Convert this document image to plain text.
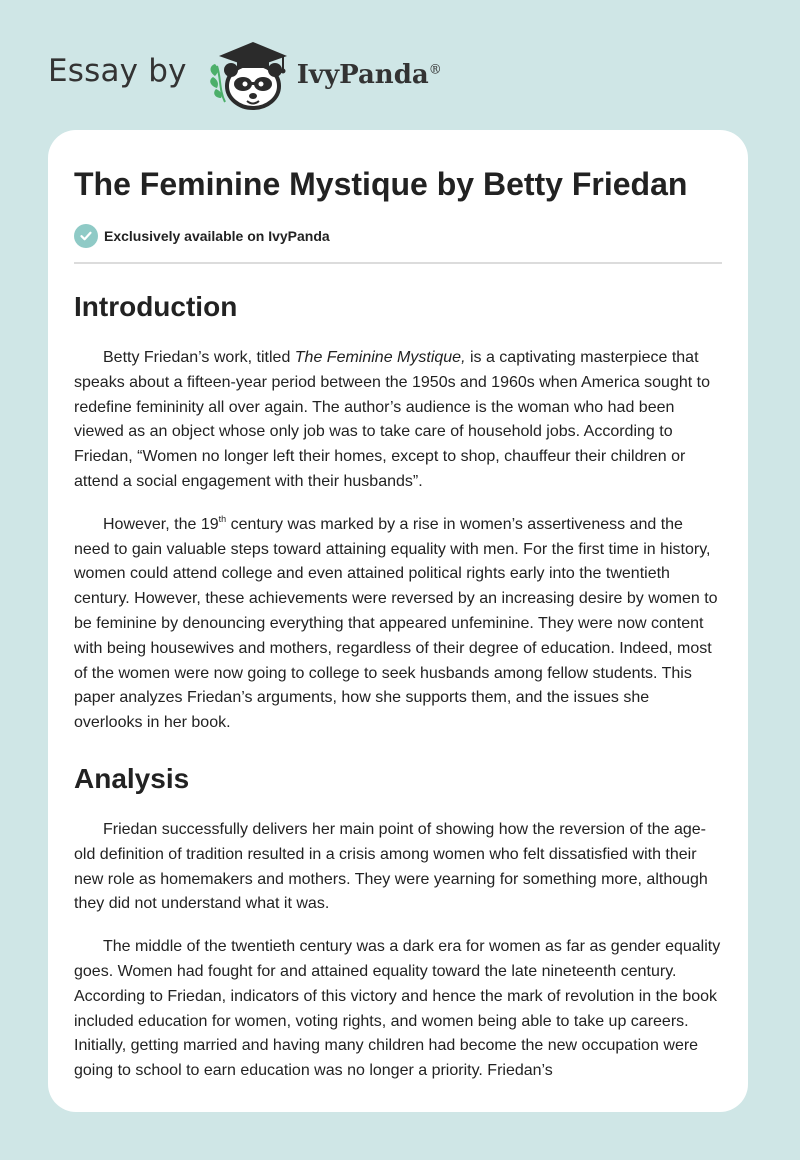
Essay by	IvyPanda®
The Feminine Mystique by Betty Friedan
Exclusively available on IvyPanda
Introduction

Betty Friedan’s work, titled The Feminine Mystique, is a captivating masterpiece that speaks about a fifteen-year period between the 1950s and 1960s when America sought to redefine femininity all over again. The author’s audience is the woman who had been viewed as an object whose only job was to take care of household jobs. According to Friedan, “Women no longer left their homes, except to shop, chauffeur their children or attend a social engagement with their husbands”.

However, the 19th century was marked by a rise in women’s assertiveness and the need to gain valuable steps toward attaining equality with men. For the first time in history, women could attend college and even attained political rights early into the twentieth century. However, these achievements were reversed by an increasing desire by women to be feminine by denouncing everything that appeared unfeminine. They were now content with being housewives and mothers, regardless of their degree of education. Indeed, most of the women were now going to college to seek husbands among fellow students. This paper analyzes Friedan’s arguments, how she supports them, and the issues she overlooks in her book.

Analysis

Friedan successfully delivers her main point of showing how the reversion of the age-old definition of tradition resulted in a crisis among women who felt dissatisfied with their new role as homemakers and mothers. They were yearning for something more, although they did not understand what it was.

The middle of the twentieth century was a dark era for women as far as gender equality goes. Women had fought for and attained equality toward the late nineteenth century. According to Friedan, indicators of this victory and hence the mark of revolution in the book included education for women, voting rights, and women being able to take up careers. Initially, getting married and having many children had become the new occupation were going to school to earn education was no longer a priority. Friedan’s
